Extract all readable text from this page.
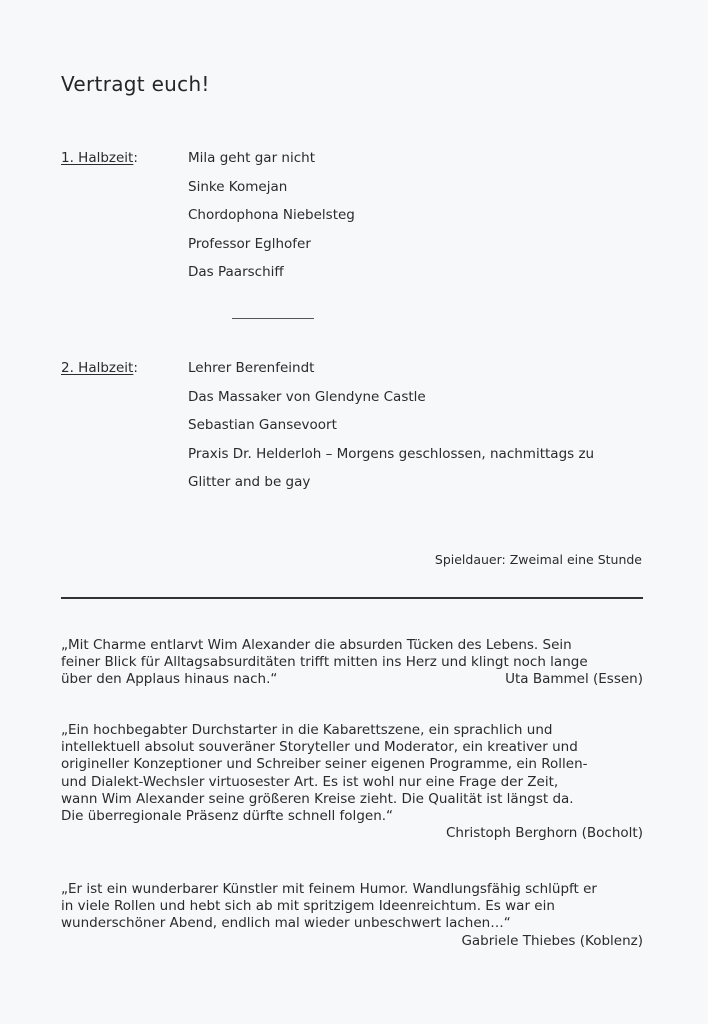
Vertragt euch!
1. Halbzeit:	Mila geht gar nicht
Sinke Komejan
Chordophona Niebelsteg
Professor Eglhofer
Das Paarschiff
2. Halbzeit:	Lehrer Berenfeindt
Das Massaker von Glendyne Castle
Sebastian Gansevoort
Praxis Dr. Helderloh – Morgens geschlossen, nachmittags zu
Glitter and be gay
Spieldauer: Zweimal eine Stunde

„Mit Charme entlarvt Wim Alexander die absurden Tücken des Lebens. Sein

feiner Blick für Alltagsabsurditäten trifft mitten ins Herz und klingt noch lange

über den Applaus hinaus nach.“	Uta Bammel (Essen)

„Ein hochbegabter Durchstarter in die Kabarettszene, ein sprachlich und

intellektuell absolut souveräner Storyteller und Moderator, ein kreativer und

origineller Konzeptioner und Schreiber seiner eigenen Programme, ein Rollen-

und Dialekt-Wechsler virtuosester Art. Es ist wohl nur eine Frage der Zeit,

wann Wim Alexander seine größeren Kreise zieht. Die Qualität ist längst da.

Die überregionale Präsenz dürfte schnell folgen.“

Christoph Berghorn (Bocholt)

„Er ist ein wunderbarer Künstler mit feinem Humor. Wandlungsfähig schlüpft er

in viele Rollen und hebt sich ab mit spritzigem Ideenreichtum. Es war ein

wunderschöner Abend, endlich mal wieder unbeschwert lachen…“

Gabriele Thiebes (Koblenz)
